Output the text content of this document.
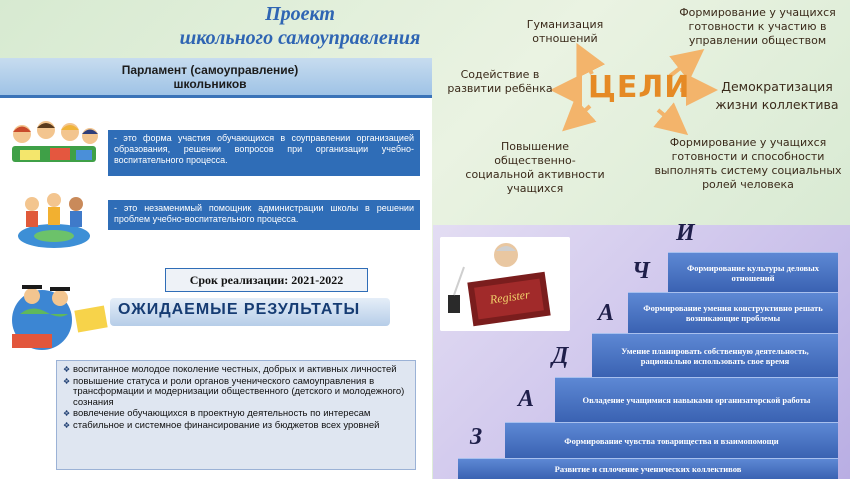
Проект
школьного самоуправления
Парламент (самоуправление)
школьников
- это форма участия обучающихся в соуправлении организацией образования, решении вопросов при организации учебно-воспитательного процесса.
- это незаменимый помощник администрации школы в решении проблем учебно-воспитательного процесса.
Срок реализации: 2021-2022
ОЖИДАЕМЫЕ РЕЗУЛЬТАТЫ
❖ воспитанное молодое поколение честных, добрых и активных личностей
❖ повышение статуса и роли органов ученического самоуправления в трансформации и модернизации общественного (детского и молодежного) сознания
❖ вовлечение обучающихся в проектную деятельность по интересам
❖ стабильное и системное финансирование из бюджетов всех уровней
ЦЕЛИ
Гуманизация отношений
Формирование у учащихся готовности к участию в управлении обществом
Содействие в развитии ребёнка	Демократизация жизни коллектива
Повышение общественно-социальной активности учащихся
Формирование у учащихся готовности и способности выполнять систему социальных ролей человека
Register
Развитие и сплочение ученических коллективов
Формирование чувства товарищества и взаимопомощи
Овладение учащимися навыками организаторской работы
Умение планировать собственную деятельность, рационально использовать свое время
Формирование умения конструктивно решать возникающие проблемы
Формирование культуры деловых отношений
З
А
Д
А
Ч
И
